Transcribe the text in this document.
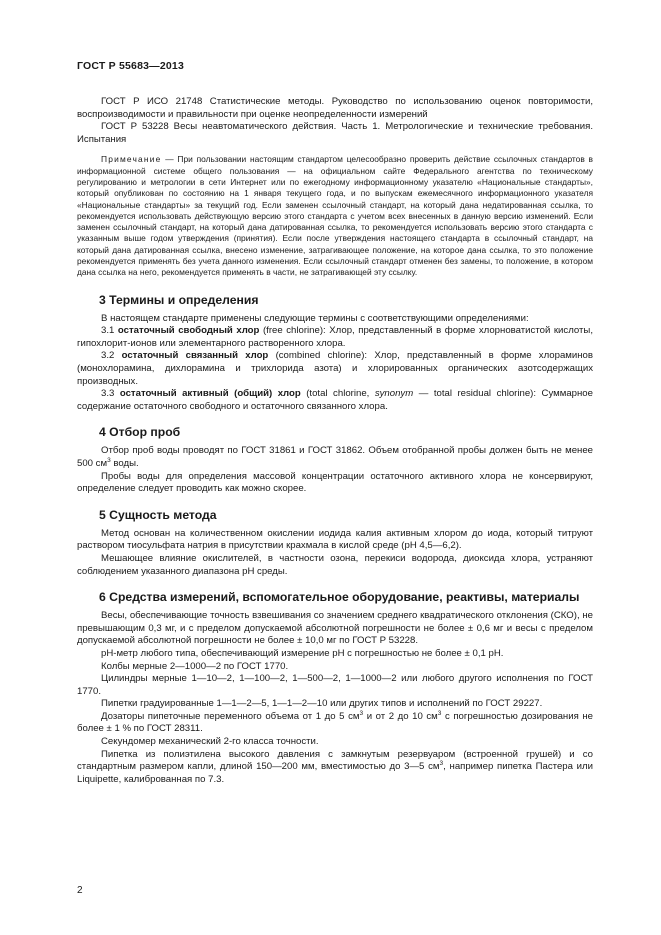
ГОСТ Р 55683—2013

ГОСТ Р ИСО 21748 Статистические методы. Руководство по использованию оценок повторимости, воспроизводимости и правильности при оценке неопределенности измерений

ГОСТ Р 53228 Весы неавтоматического действия. Часть 1. Метрологические и технические требования. Испытания

Примечание — При пользовании настоящим стандартом целесообразно проверить действие ссылочных стандартов в информационной системе общего пользования — на официальном сайте Федерального агентства по техническому регулированию и метрологии в сети Интернет или по ежегодному информационному указателю «Национальные стандарты», который опубликован по состоянию на 1 января текущего года, и по выпускам ежемесячного информационного указателя «Национальные стандарты» за текущий год. Если заменен ссылочный стандарт, на который дана недатированная ссылка, то рекомендуется использовать действующую версию этого стандарта с учетом всех внесенных в данную версию изменений. Если заменен ссылочный стандарт, на который дана датированная ссылка, то рекомендуется использовать версию этого стандарта с указанным выше годом утверждения (принятия). Если после утверждения настоящего стандарта в ссылочный стандарт, на который дана датированная ссылка, внесено изменение, затрагивающее положение, на которое дана ссылка, то это положение рекомендуется применять без учета данного изменения. Если ссылочный стандарт отменен без замены, то положение, в котором дана ссылка на него, рекомендуется применять в части, не затрагивающей эту ссылку.

3 Термины и определения

В настоящем стандарте применены следующие термины с соответствующими определениями:

3.1 остаточный свободный хлор (free chlorine): Хлор, представленный в форме хлорноватистой кислоты, гипохлорит-ионов или элементарного растворенного хлора.

3.2 остаточный связанный хлор (combined chlorine): Хлор, представленный в форме хлораминов (монохлорамина, дихлорамина и трихлорида азота) и хлорированных органических азотсодержащих производных.

3.3 остаточный активный (общий) хлор (total chlorine, synonym — total residual chlorine): Суммарное содержание остаточного свободного и остаточного связанного хлора.

4 Отбор проб

Отбор проб воды проводят по ГОСТ 31861 и ГОСТ 31862. Объем отобранной пробы должен быть не менее 500 $см^3$ воды.

Пробы воды для определения массовой концентрации остаточного активного хлора не консервируют, определение следует проводить как можно скорее.

5 Сущность метода

Метод основан на количественном окислении иодида калия активным хлором до иода, который титруют раствором тиосульфата натрия в присутствии крахмала в кислой среде (рН 4,5—6,2).

Мешающее влияние окислителей, в частности озона, перекиси водорода, диоксида хлора, устраняют соблюдением указанного диапазона рН среды.

6 Средства измерений, вспомогательное оборудование, реактивы, материалы

Весы, обеспечивающие точность взвешивания со значением среднего квадратического отклонения (СКО), не превышающим 0,3 мг, и с пределом допускаемой абсолютной погрешности не более ± 0,6 мг и весы с пределом допускаемой абсолютной погрешности не более ± 10,0 мг по ГОСТ Р 53228.

рН-метр любого типа, обеспечивающий измерение рН с погрешностью не более ± 0,1 рН.

Колбы мерные 2—1000—2 по ГОСТ 1770.

Цилиндры мерные 1—10—2, 1—100—2, 1—500—2, 1—1000—2 или любого другого исполнения по ГОСТ 1770.

Пипетки градуированные 1—1—2—5, 1—1—2—10 или других типов и исполнений по ГОСТ 29227.

Дозаторы пипеточные переменного объема от 1 до 5 $см^3$ и от 2 до 10 $см^3$ с погрешностью дозирования не более ± 1 % по ГОСТ 28311.

Секундомер механический 2-го класса точности.

Пипетка из полиэтилена высокого давления с замкнутым резервуаром (встроенной грушей) и со стандартным размером капли, длиной 150—200 мм, вместимостью до 3—5 $см^3$, например пипетка Пастера или Liquipette, калиброванная по 7.3.

2
